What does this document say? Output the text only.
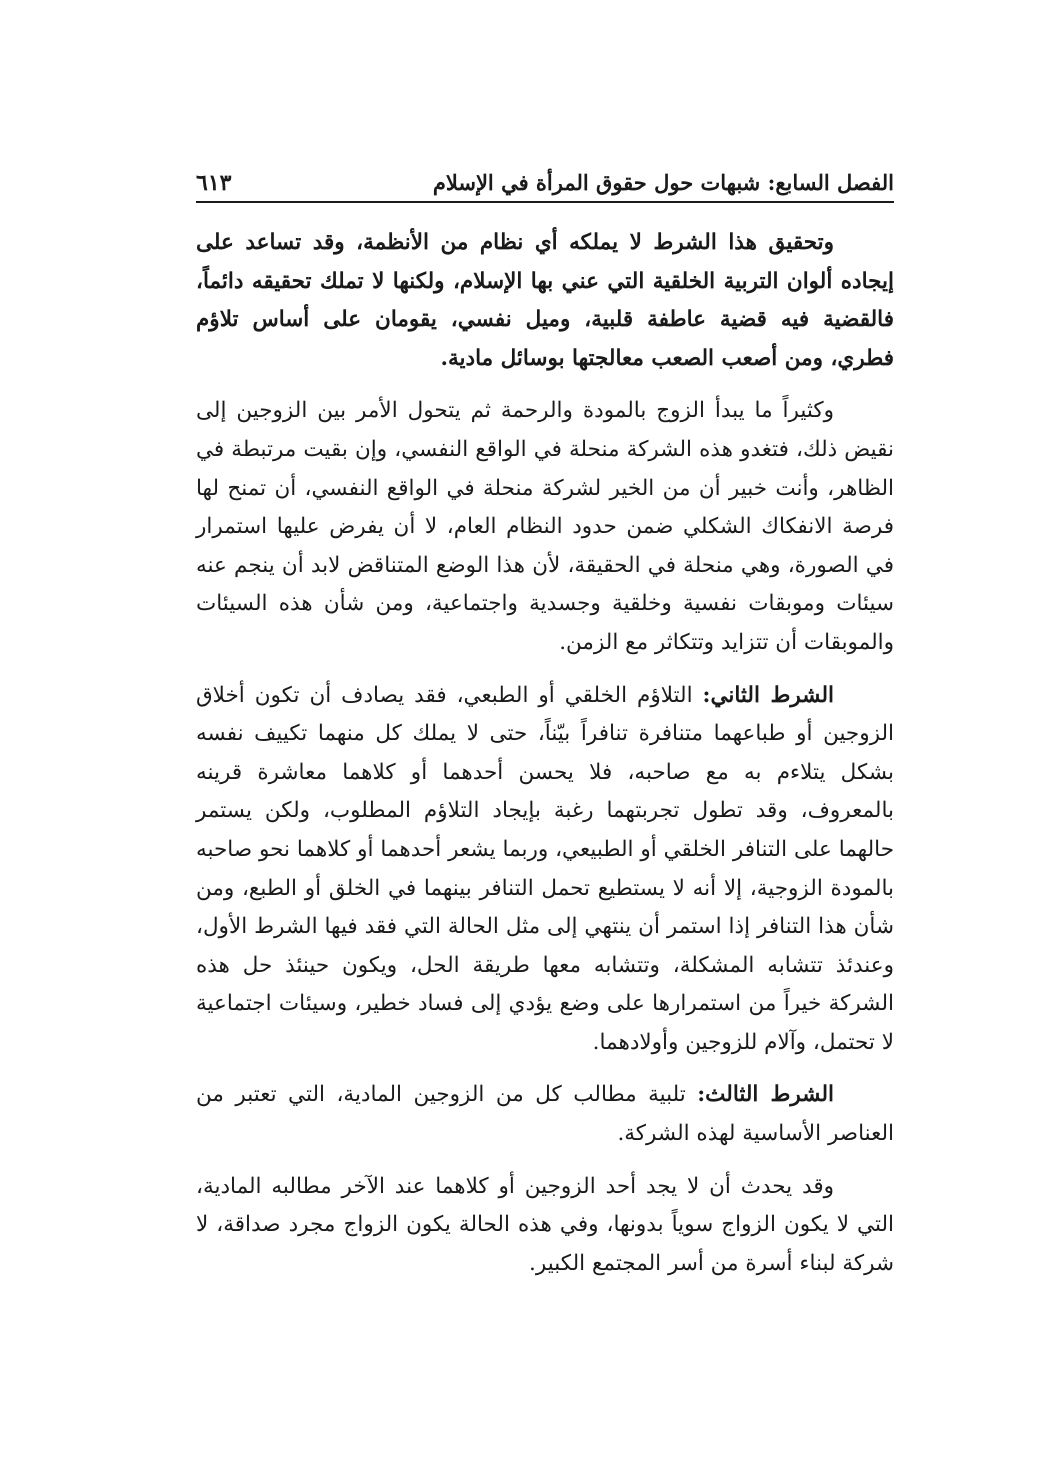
الفصل السابع: شبهات حول حقوق المرأة في الإسلام
٦١٣

وتحقيق هذا الشرط لا يملكه أي نظام من الأنظمة، وقد تساعد على إيجاده ألوان التربية الخلقية التي عني بها الإسلام، ولكنها لا تملك تحقيقه دائماً، فالقضية فيه قضية عاطفة قلبية، وميل نفسي، يقومان على أساس تلاؤم فطري، ومن أصعب الصعب معالجتها بوسائل مادية.

وكثيراً ما يبدأ الزوج بالمودة والرحمة ثم يتحول الأمر بين الزوجين إلى نقيض ذلك، فتغدو هذه الشركة منحلة في الواقع النفسي، وإن بقيت مرتبطة في الظاهر، وأنت خبير أن من الخير لشركة منحلة في الواقع النفسي، أن تمنح لها فرصة الانفكاك الشكلي ضمن حدود النظام العام، لا أن يفرض عليها استمرار في الصورة، وهي منحلة في الحقيقة، لأن هذا الوضع المتناقض لابد أن ينجم عنه سيئات وموبقات نفسية وخلقية وجسدية واجتماعية، ومن شأن هذه السيئات والموبقات أن تتزايد وتتكاثر مع الزمن.

الشرط الثاني: التلاؤم الخلقي أو الطبعي، فقد يصادف أن تكون أخلاق الزوجين أو طباعهما متنافرة تنافراً بيّناً، حتى لا يملك كل منهما تكييف نفسه بشكل يتلاءم به مع صاحبه، فلا يحسن أحدهما أو كلاهما معاشرة قرينه بالمعروف، وقد تطول تجربتهما رغبة بإيجاد التلاؤم المطلوب، ولكن يستمر حالهما على التنافر الخلقي أو الطبيعي، وربما يشعر أحدهما أو كلاهما نحو صاحبه بالمودة الزوجية، إلا أنه لا يستطيع تحمل التنافر بينهما في الخلق أو الطبع، ومن شأن هذا التنافر إذا استمر أن ينتهي إلى مثل الحالة التي فقد فيها الشرط الأول، وعندئذ تتشابه المشكلة، وتتشابه معها طريقة الحل، ويكون حينئذ حل هذه الشركة خيراً من استمرارها على وضع يؤدي إلى فساد خطير، وسيئات اجتماعية لا تحتمل، وآلام للزوجين وأولادهما.

الشرط الثالث: تلبية مطالب كل من الزوجين المادية، التي تعتبر من العناصر الأساسية لهذه الشركة.

وقد يحدث أن لا يجد أحد الزوجين أو كلاهما عند الآخر مطالبه المادية، التي لا يكون الزواج سوياً بدونها، وفي هذه الحالة يكون الزواج مجرد صداقة، لا شركة لبناء أسرة من أسر المجتمع الكبير.
